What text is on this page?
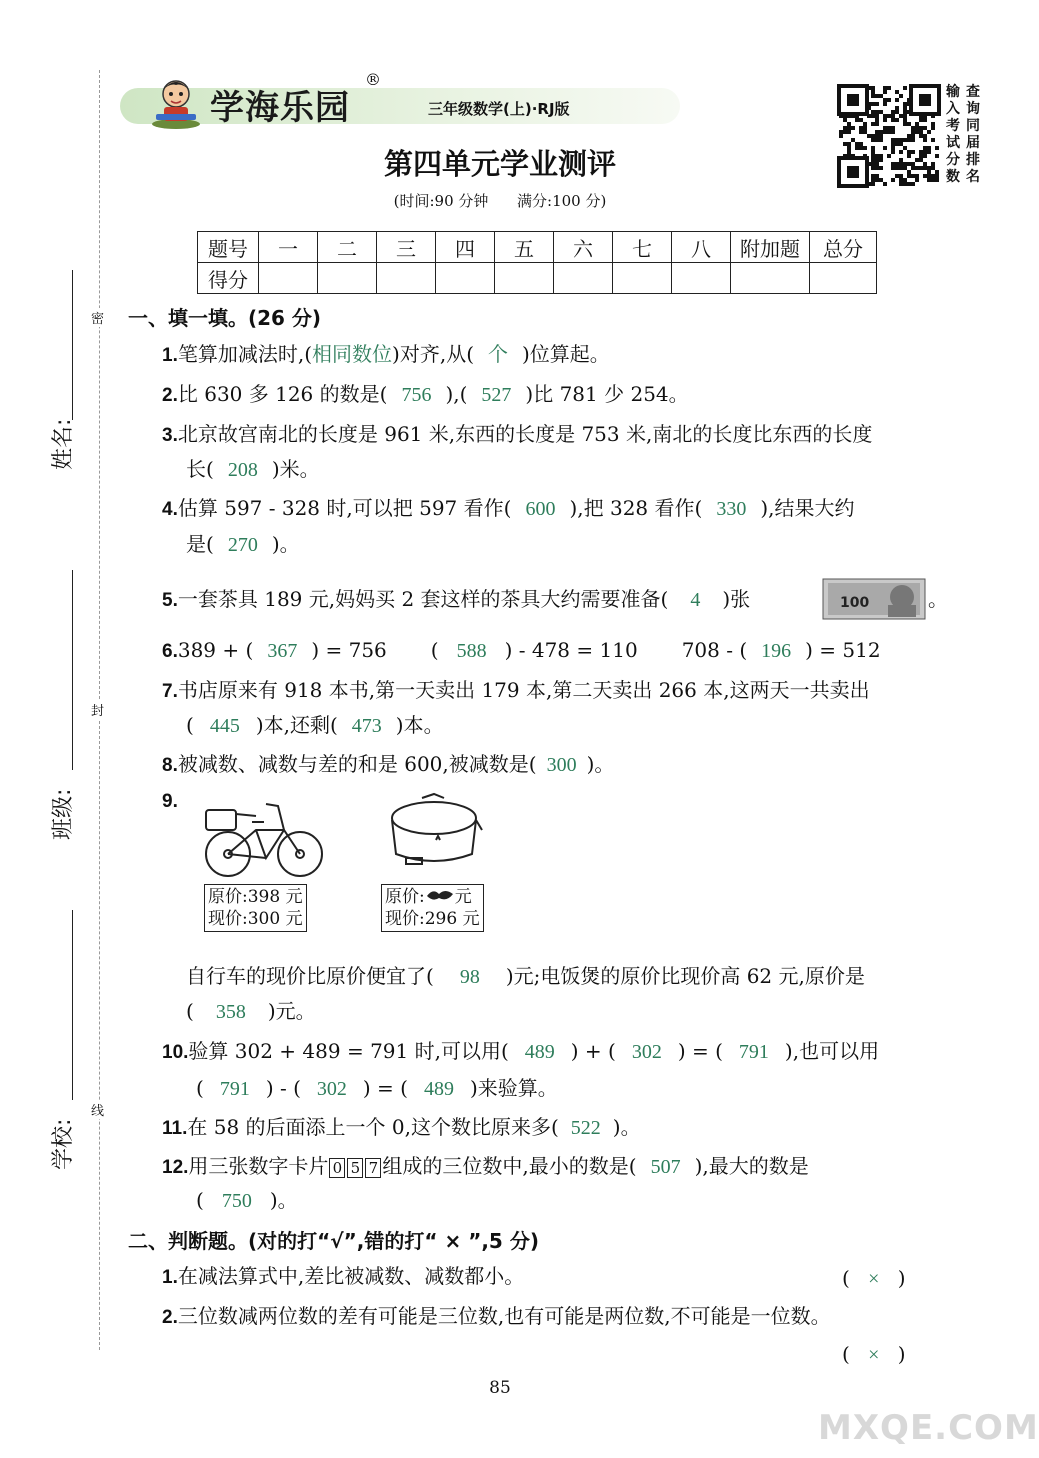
学海乐园
®
三年级数学(上)·RJ版
输 查
入 询
考 同
试 届
分 排
数 名
第四单元学业测评
(时间:90 分钟      满分:100 分)
题号	一	二	三	四	五	六	七	八	附加题	总分
得分										
密
封
线
姓名:
班级:
学校:
一、填一填。(26 分)
1.笔算加减法时,(相同数位)对齐,从( 个 )位算起。
2.比 630 多 126 的数是( 756 ),( 527 )比 781 少 254。
3.北京故宫南北的长度是 961 米,东西的长度是 753 米,南北的长度比东西的长度
长( 208 )米。
4.估算 597 - 328 时,可以把 597 看作( 600 ),把 328 看作( 330 ),结果大约
是( 270 )。
5.一套茶具 189 元,妈妈买 2 套这样的茶具大约需要准备( 4 )张	100	。
6.389 + ( 367 ) = 756 ( 588 ) - 478 = 110 708 - ( 196 ) = 512
7.书店原来有 918 本书,第一天卖出 179 本,第二天卖出 266 本,这两天一共卖出
( 445 )本,还剩( 473 )本。
8.被减数、减数与差的和是 600,被减数是( 300 )。
9.
原价:398 元
现价:300 元
原价: 元
现价:296 元
自行车的现价比原价便宜了( 98 )元;电饭煲的原价比现价高 62 元,原价是
( 358 )元。
10.验算 302 + 489 = 791 时,可以用( 489 ) + ( 302 ) = ( 791 ),也可以用
( 791 ) - ( 302 ) = ( 489 )来验算。
11.在 58 的后面添上一个 0,这个数比原来多( 522 )。
12.用三张数字卡片 0 5 7 组成的三位数中,最小的数是( 507 ),最大的数是
( 750 )。
二、判断题。(对的打“√”,错的打“ × ”,5 分)
1.在减法算式中,差比被减数、减数都小。	( × )
2.三位数减两位数的差有可能是三位数,也有可能是两位数,不可能是一位数。
( × )
85
MXQE.COM
